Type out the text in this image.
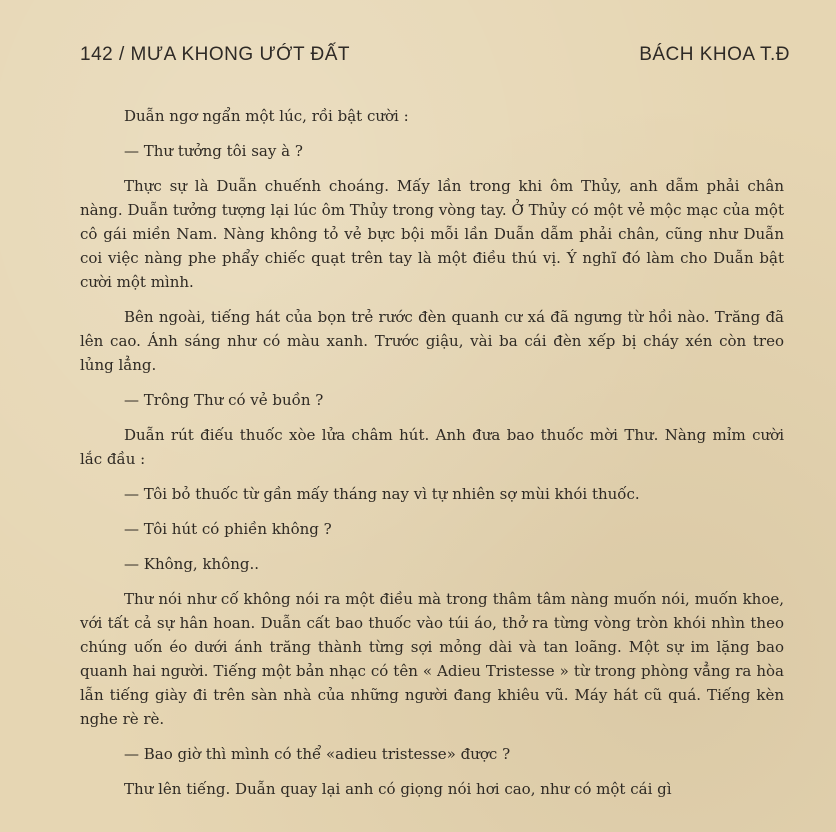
142 / MƯA KHONG ƯỚT ĐẤT	BÁCH KHOA T.Đ

Duẫn ngơ ngẩn một lúc, rồi bật cười :

— Thư tưởng tôi say à ?

Thực sự là Duẫn chuếnh choáng. Mấy lần trong khi ôm Thủy, anh dẫm phải chân nàng. Duẫn tưởng tượng lại lúc ôm Thủy trong vòng tay. Ở Thủy có một vẻ mộc mạc của một cô gái miền Nam. Nàng không tỏ vẻ bực bội mỗi lần Duẫn dẫm phải chân, cũng như Duẫn coi việc nàng phe phẩy chiếc quạt trên tay là một điều thú vị. Ý nghĩ đó làm cho Duẫn bật cười một mình.

Bên ngoài, tiếng hát của bọn trẻ rước đèn quanh cư xá đã ngưng từ hồi nào. Trăng đã lên cao. Ánh sáng như có màu xanh. Trước giậu, vài ba cái đèn xếp bị cháy xén còn treo lủng lẳng.

— Trông Thư có vẻ buồn ?

Duẫn rút điếu thuốc xòe lửa châm hút. Anh đưa bao thuốc mời Thư. Nàng mỉm cười lắc đầu :

— Tôi bỏ thuốc từ gần mấy tháng nay vì tự nhiên sợ mùi khói thuốc.

— Tôi hút có phiền không ?

— Không, không..

Thư nói như cố không nói ra một điều mà trong thâm tâm nàng muốn nói, muốn khoe, với tất cả sự hân hoan. Duẫn cất bao thuốc vào túi áo, thở ra từng vòng tròn khói nhìn theo chúng uốn éo dưới ánh trăng thành từng sợi mỏng dài và tan loãng. Một sự im lặng bao quanh hai người. Tiếng một bản nhạc có tên « Adieu Tristesse » từ trong phòng vẳng ra hòa lẫn tiếng giày đi trên sàn nhà của những người đang khiêu vũ. Máy hát cũ quá. Tiếng kèn nghe rè rè.

— Bao giờ thì mình có thể «adieu tristesse» được ?

Thư lên tiếng. Duẫn quay lại anh có giọng nói hơi cao, như có một cái gì
